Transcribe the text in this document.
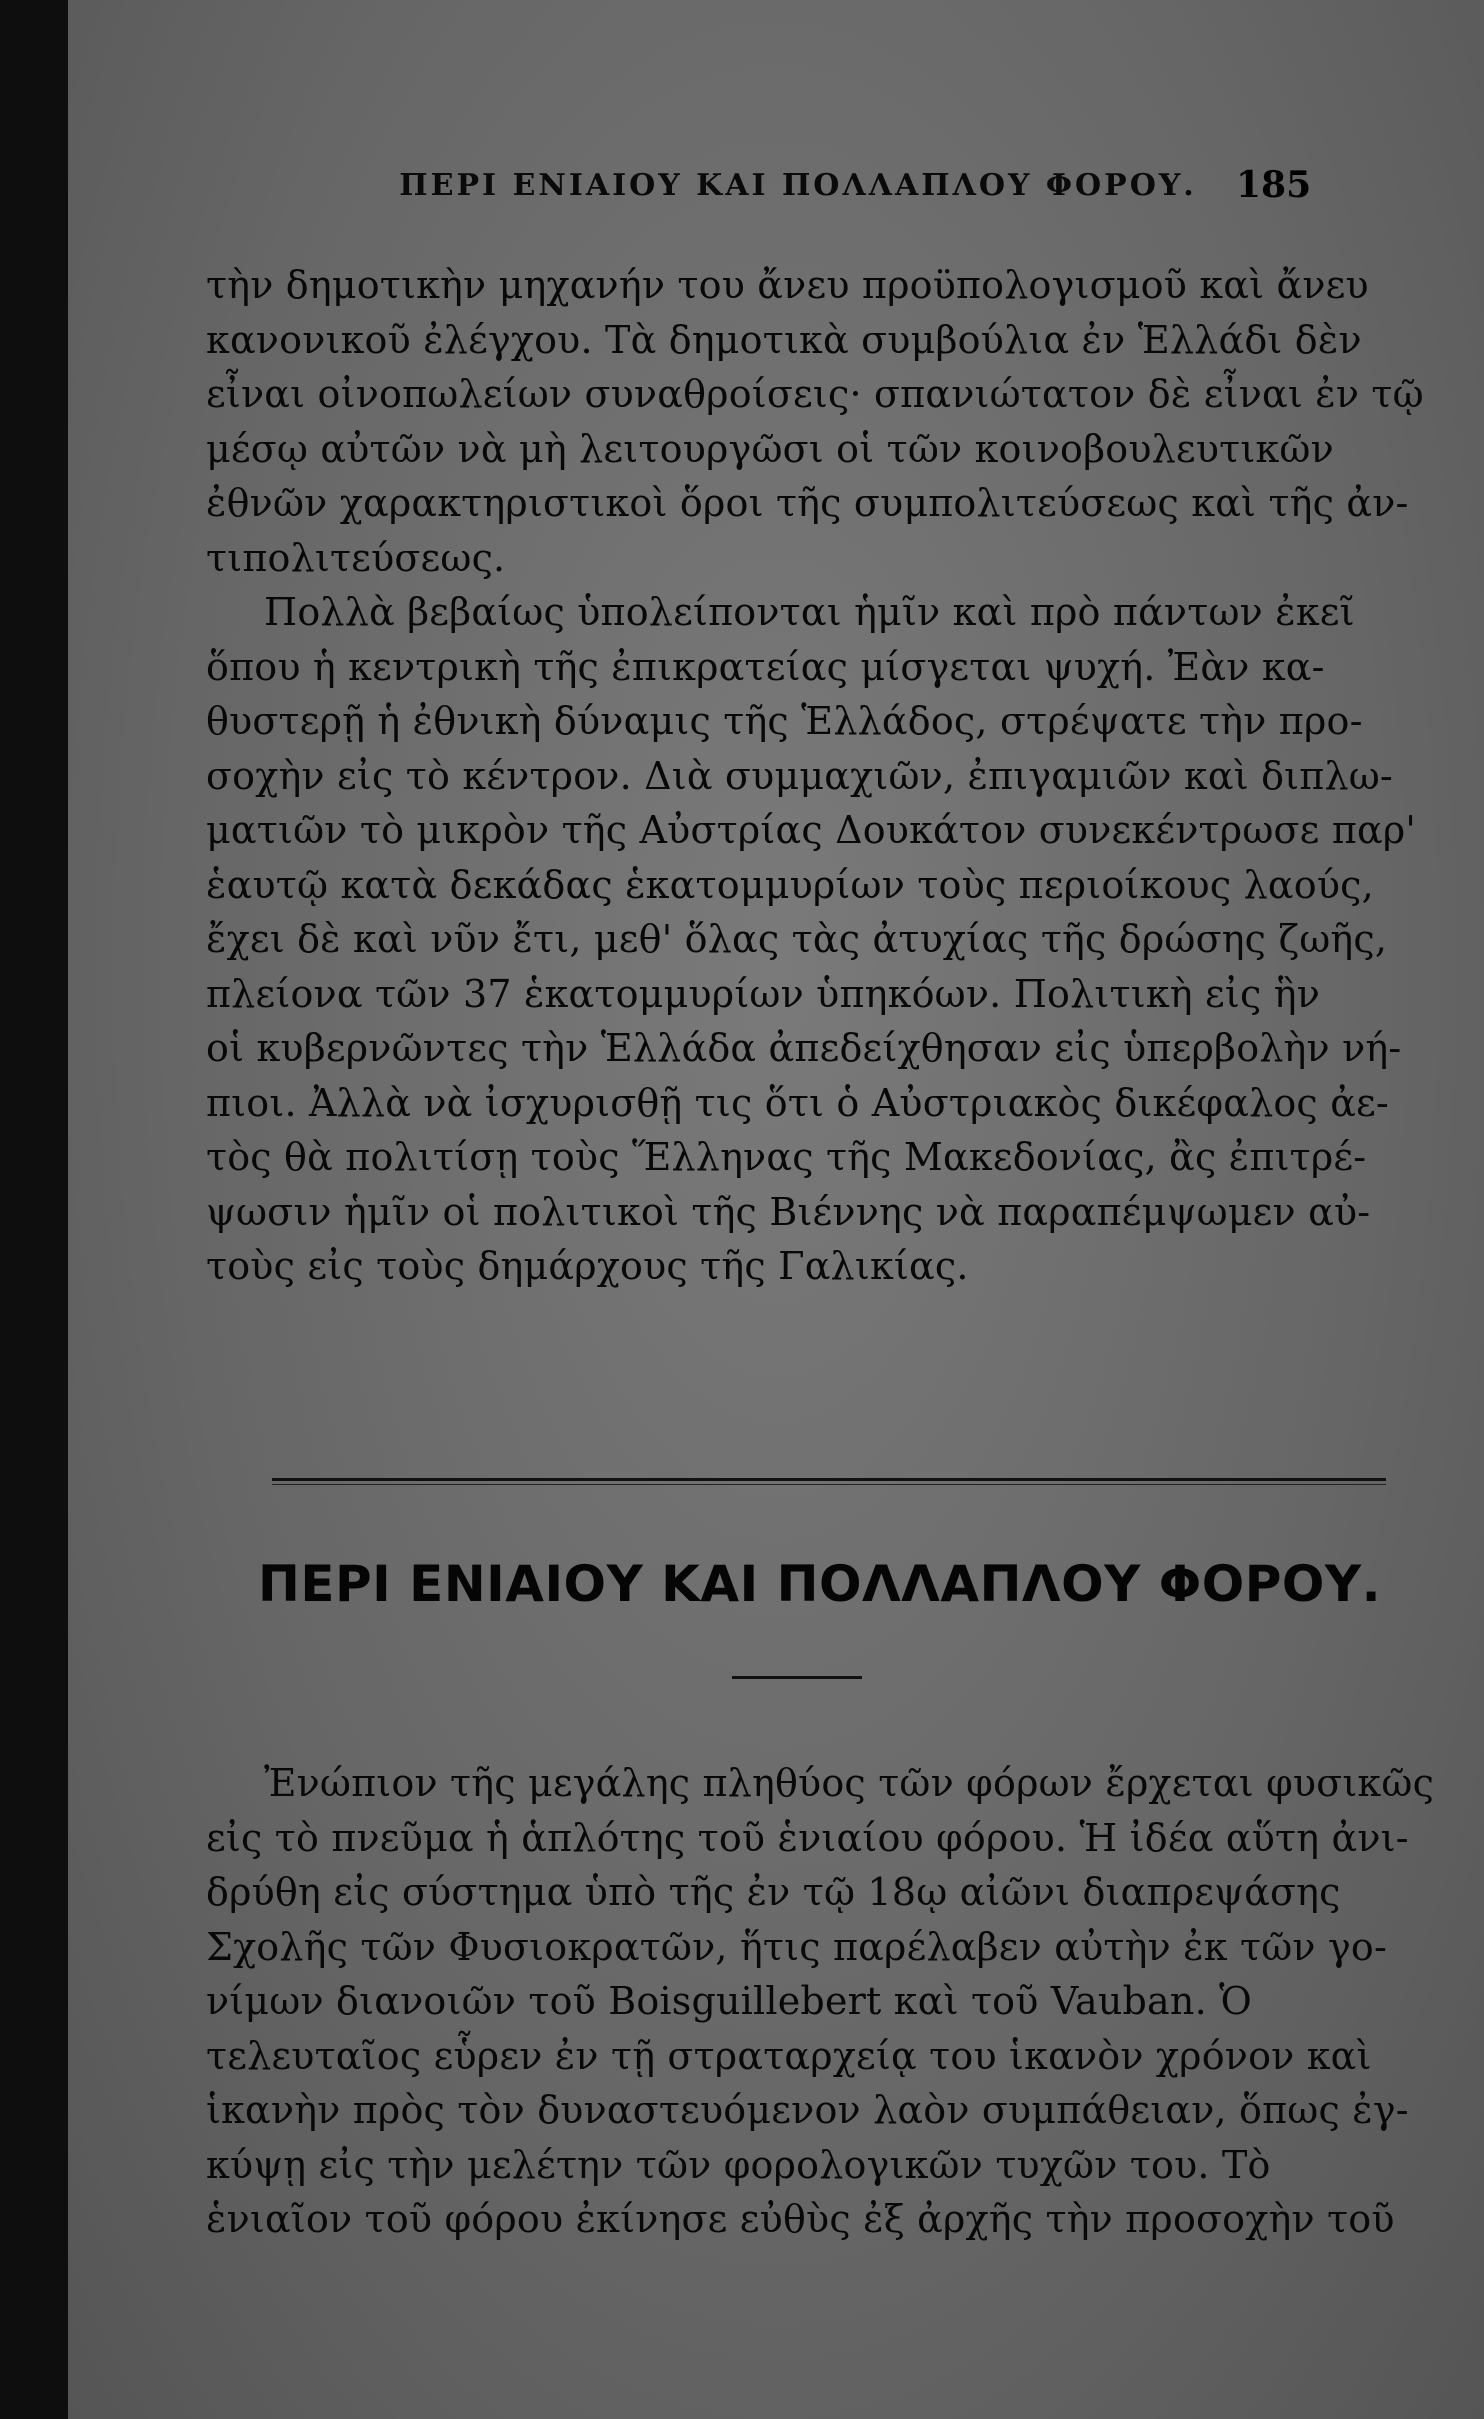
ΠΕΡΙ ΕΝΙΑΙΟΥ ΚΑΙ ΠΟΛΛΑΠΛΟΥ ΦΟΡΟΥ.	185

τὴν δημοτικὴν μηχανήν του ἄνευ προϋπολογισμοῦ καὶ ἄνευ
κανονικοῦ ἐλέγχου. Τὰ δημοτικὰ συμβούλια ἐν Ἑλλάδι δὲν
εἶναι οἰνοπωλείων συναθροίσεις· σπανιώτατον δὲ εἶναι ἐν τῷ
μέσῳ αὐτῶν νὰ μὴ λειτουργῶσι οἱ τῶν κοινοβουλευτικῶν
ἐθνῶν χαρακτηριστικοὶ ὅροι τῆς συμπολιτεύσεως καὶ τῆς ἀν-
τιπολιτεύσεως.

Πολλὰ βεβαίως ὑπολείπονται ἡμῖν καὶ πρὸ πάντων ἐκεῖ
ὅπου ἡ κεντρικὴ τῆς ἐπικρατείας μίσγεται ψυχή. Ἐὰν κα-
θυστερῇ ἡ ἐθνικὴ δύναμις τῆς Ἑλλάδος, στρέψατε τὴν προ-
σοχὴν εἰς τὸ κέντρον. Διὰ συμμαχιῶν, ἐπιγαμιῶν καὶ διπλω-
ματιῶν τὸ μικρὸν τῆς Αὐστρίας Δουκάτον συνεκέντρωσε παρ'
ἑαυτῷ κατὰ δεκάδας ἑκατομμυρίων τοὺς περιοίκους λαούς,
ἔχει δὲ καὶ νῦν ἔτι, μεθ' ὅλας τὰς ἀτυχίας τῆς δρώσης ζωῆς,
πλείονα τῶν 37 ἑκατομμυρίων ὑπηκόων. Πολιτικὴ εἰς ἣν
οἱ κυβερνῶντες τὴν Ἑλλάδα ἀπεδείχθησαν εἰς ὑπερβολὴν νή-
πιοι. Ἀλλὰ νὰ ἰσχυρισθῇ τις ὅτι ὁ Αὐστριακὸς δικέφαλος ἀε-
τὸς θὰ πολιτίσῃ τοὺς Ἕλληνας τῆς Μακεδονίας, ἂς ἐπιτρέ-
ψωσιν ἡμῖν οἱ πολιτικοὶ τῆς Βιέννης νὰ παραπέμψωμεν αὐ-
τοὺς εἰς τοὺς δημάρχους τῆς Γαλικίας.

ΠΕΡΙ ΕΝΙΑΙΟΥ ΚΑΙ ΠΟΛΛΑΠΛΟΥ ΦΟΡΟΥ.

Ἐνώπιον τῆς μεγάλης πληθύος τῶν φόρων ἔρχεται φυσικῶς
εἰς τὸ πνεῦμα ἡ ἁπλότης τοῦ ἑνιαίου φόρου. Ἡ ἰδέα αὕτη ἀνι-
δρύθη εἰς σύστημα ὑπὸ τῆς ἐν τῷ 18ῳ αἰῶνι διαπρεψάσης
Σχολῆς τῶν Φυσιοκρατῶν, ἥτις παρέλαβεν αὐτὴν ἐκ τῶν γο-
νίμων διανοιῶν τοῦ Boisguillebert καὶ τοῦ Vauban. Ὁ
τελευταῖος εὗρεν ἐν τῇ στραταρχείᾳ του ἱκανὸν χρόνον καὶ
ἱκανὴν πρὸς τὸν δυναστευόμενον λαὸν συμπάθειαν, ὅπως ἐγ-
κύψῃ εἰς τὴν μελέτην τῶν φορολογικῶν τυχῶν του. Τὸ
ἑνιαῖον τοῦ φόρου ἐκίνησε εὐθὺς ἐξ ἀρχῆς τὴν προσοχὴν τοῦ
